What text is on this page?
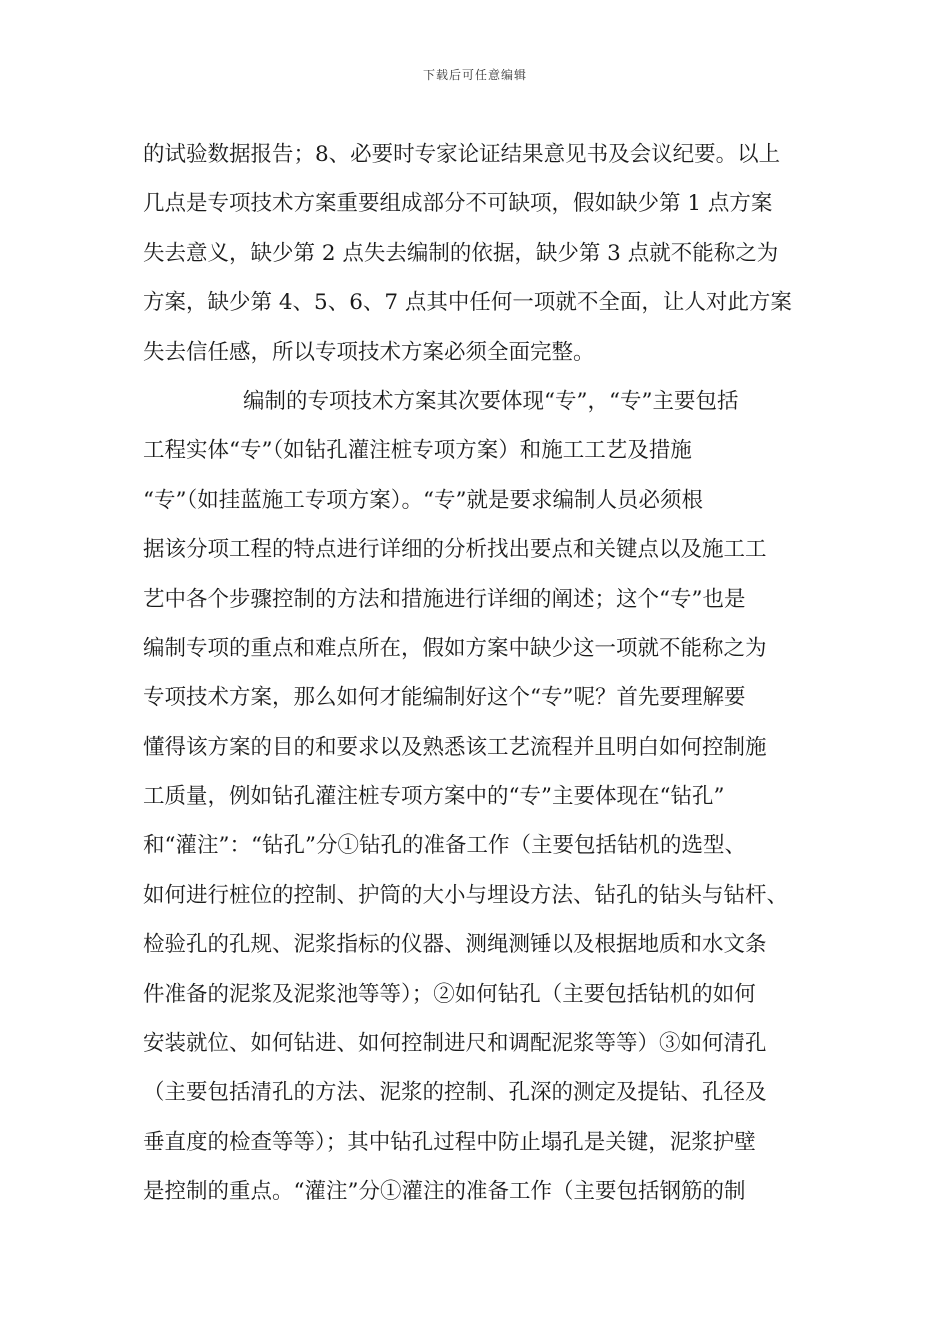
下载后可任意编辑
的试验数据报告；8、必要时专家论证结果意见书及会议纪要。以上
几点是专项技术方案重要组成部分不可缺项，假如缺少第 1 点方案
失去意义，缺少第 2 点失去编制的依据，缺少第 3 点就不能称之为
方案，缺少第 4、5、6、7 点其中任何一项就不全面，让人对此方案
失去信任感，所以专项技术方案必须全面完整。
编制的专项技术方案其次要体现“专”，“专”主要包括
工程实体“专”（如钻孔灌注桩专项方案）和施工工艺及措施
“专”（如挂蓝施工专项方案）。“专”就是要求编制人员必须根
据该分项工程的特点进行详细的分析找出要点和关键点以及施工工
艺中各个步骤控制的方法和措施进行详细的阐述；这个“专”也是
编制专项的重点和难点所在，假如方案中缺少这一项就不能称之为
专项技术方案，那么如何才能编制好这个“专”呢？首先要理解要
懂得该方案的目的和要求以及熟悉该工艺流程并且明白如何控制施
工质量，例如钻孔灌注桩专项方案中的“专”主要体现在“钻孔”
和“灌注”：“钻孔”分①钻孔的准备工作（主要包括钻机的选型、
如何进行桩位的控制、护筒的大小与埋设方法、钻孔的钻头与钻杆、
检验孔的孔规、泥浆指标的仪器、测绳测锤以及根据地质和水文条
件准备的泥浆及泥浆池等等）；②如何钻孔（主要包括钻机的如何
安装就位、如何钻进、如何控制进尺和调配泥浆等等）③如何清孔
（主要包括清孔的方法、泥浆的控制、孔深的测定及提钻、孔径及
垂直度的检查等等）；其中钻孔过程中防止塌孔是关键，泥浆护壁
是控制的重点。“灌注”分①灌注的准备工作（主要包括钢筋的制
